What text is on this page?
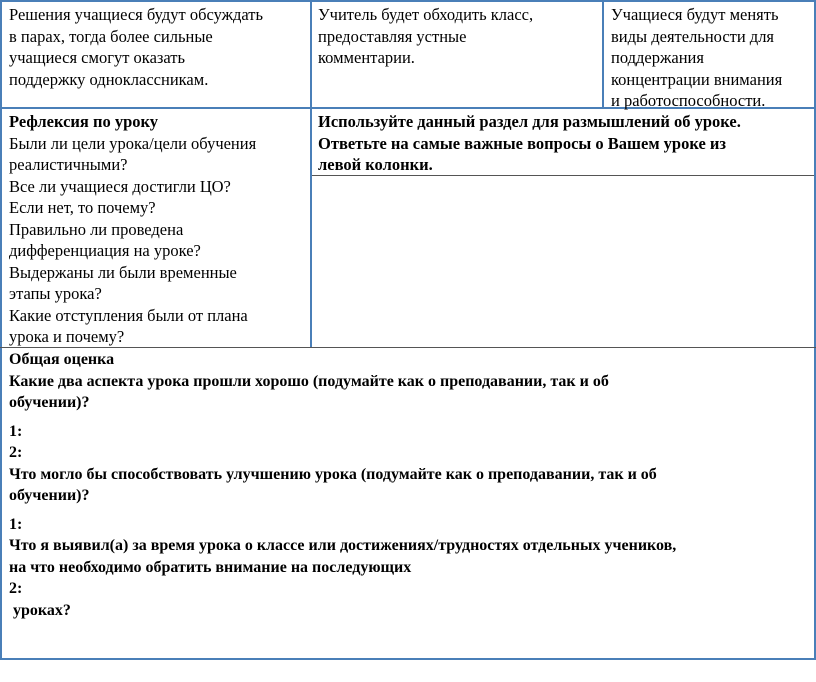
Решения учащиеся будут обсуждать
в парах, тогда более сильные
учащиеся смогут оказать
поддержку одноклассникам.
Учитель будет обходить класс,
предоставляя устные
комментарии.
Учащиеся будут менять
виды деятельности для
поддержания
концентрации внимания
и работоспособности.
Рефлексия по уроку
Были ли цели урока/цели обучения
реалистичными?
Все ли учащиеся достигли ЦО?
Если нет, то почему?
Правильно ли проведена
дифференциация на уроке?
Выдержаны ли были временные
этапы урока?
Какие отступления были от плана
урока и почему?
Используйте данный раздел для размышлений об уроке.
Ответьте на самые важные вопросы о Вашем уроке из
левой колонки.
Общая оценка
Какие два аспекта урока прошли хорошо (подумайте как о преподавании, так и об
обучении)?
1:
2:
Что могло бы способствовать улучшению урока (подумайте как о преподавании, так и об
обучении)?
1:
Что я выявил(а) за время урока о классе или достижениях/трудностях отдельных учеников,
на что необходимо обратить внимание на последующих
2:
уроках?
